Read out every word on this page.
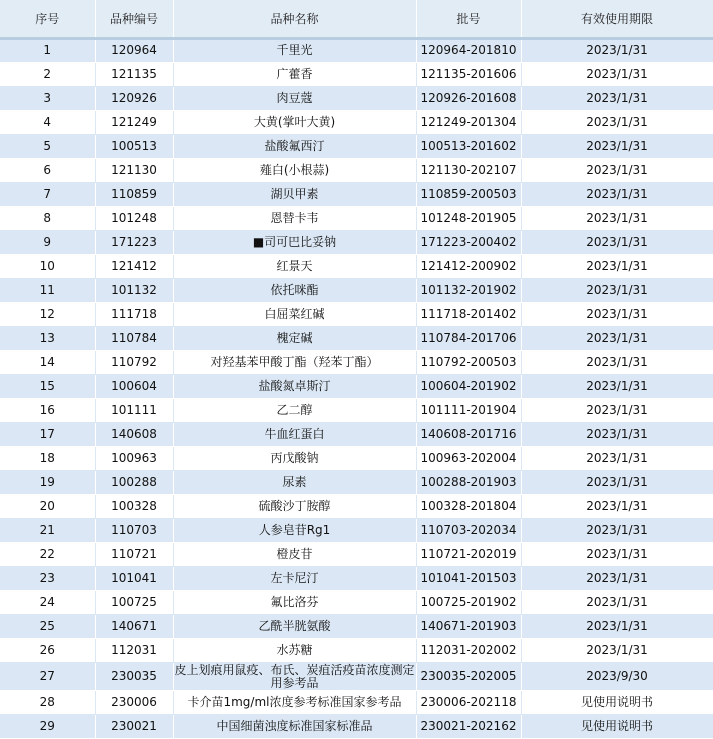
序号	品种编号	品种名称	批号	有效使用期限
1	120964	千里光	120964-201810	2023/1/31
2	121135	广藿香	121135-201606	2023/1/31
3	120926	肉豆蔻	120926-201608	2023/1/31
4	121249	大黄(掌叶大黄)	121249-201304	2023/1/31
5	100513	盐酸氟西汀	100513-201602	2023/1/31
6	121130	薤白(小根蒜)	121130-202107	2023/1/31
7	110859	湖贝甲素	110859-200503	2023/1/31
8	101248	恩替卡韦	101248-201905	2023/1/31
9	171223	■司可巴比妥钠	171223-200402	2023/1/31
10	121412	红景天	121412-200902	2023/1/31
11	101132	依托咪酯	101132-201902	2023/1/31
12	111718	白屈菜红碱	111718-201402	2023/1/31
13	110784	槐定碱	110784-201706	2023/1/31
14	110792	对羟基苯甲酸丁酯（羟苯丁酯）	110792-200503	2023/1/31
15	100604	盐酸氮卓斯汀	100604-201902	2023/1/31
16	101111	乙二醇	101111-201904	2023/1/31
17	140608	牛血红蛋白	140608-201716	2023/1/31
18	100963	丙戊酸钠	100963-202004	2023/1/31
19	100288	尿素	100288-201903	2023/1/31
20	100328	硫酸沙丁胺醇	100328-201804	2023/1/31
21	110703	人参皂苷Rg1	110703-202034	2023/1/31
22	110721	橙皮苷	110721-202019	2023/1/31
23	101041	左卡尼汀	101041-201503	2023/1/31
24	100725	氟比洛芬	100725-201902	2023/1/31
25	140671	乙酰半胱氨酸	140671-201903	2023/1/31
26	112031	水苏糖	112031-202002	2023/1/31
27	230035	皮上划痕用鼠疫、布氏、炭疽活疫苗浓度测定用参考品	230035-202005	2023/9/30
28	230006	卡介苗1mg/ml浓度参考标准国家参考品	230006-202118	见使用说明书
29	230021	中国细菌浊度标准国家标准品	230021-202162	见使用说明书
